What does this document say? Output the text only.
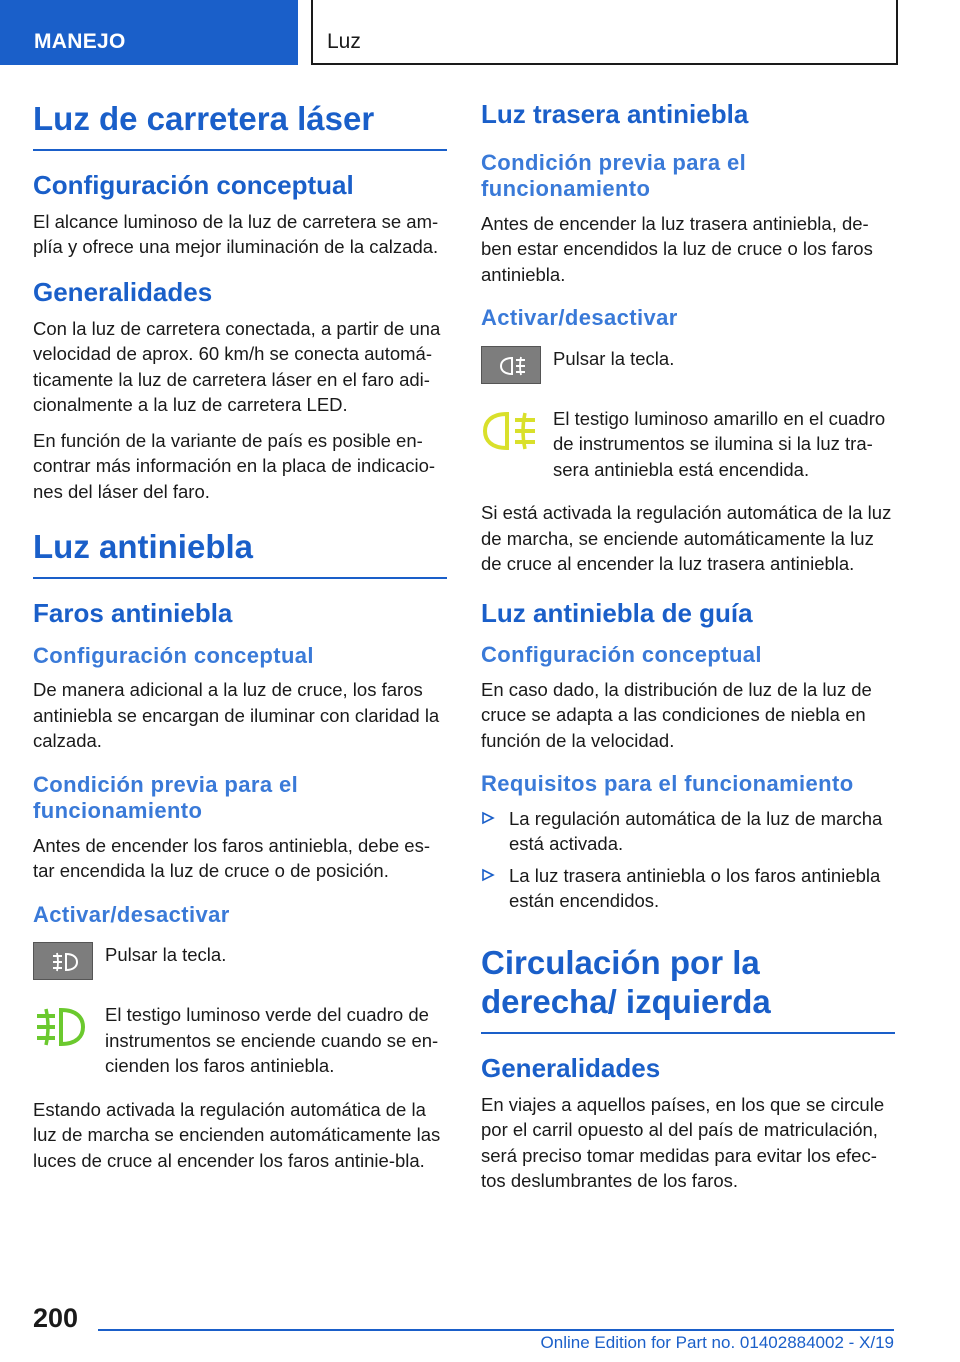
MANEJO	Luz
Luz de carretera láser
Configuración conceptual

El alcance luminoso de la luz de carretera se am-plía y ofrece una mejor iluminación de la calzada.

Generalidades

Con la luz de carretera conectada, a partir de una velocidad de aprox. 60 km/h se conecta automá-ticamente la luz de carretera láser en el faro adi-cionalmente a la luz de carretera LED.

En función de la variante de país es posible en-contrar más información en la placa de indicacio-nes del láser del faro.

Luz antiniebla
Faros antiniebla
Configuración conceptual

De manera adicional a la luz de cruce, los faros antiniebla se encargan de iluminar con claridad la calzada.

Condición previa para el funcionamiento

Antes de encender los faros antiniebla, debe es-tar encendida la luz de cruce o de posición.

Activar/desactivar

Pulsar la tecla.

El testigo luminoso verde del cuadro de instrumentos se enciende cuando se en-cienden los faros antiniebla.

Estando activada la regulación automática de la luz de marcha se encienden automáticamente las luces de cruce al encender los faros antinie-bla.

Luz trasera antiniebla
Condición previa para el funcionamiento

Antes de encender la luz trasera antiniebla, de-ben estar encendidos la luz de cruce o los faros antiniebla.

Activar/desactivar

Pulsar la tecla.

El testigo luminoso amarillo en el cuadro de instrumentos se ilumina si la luz tra-sera antiniebla está encendida.

Si está activada la regulación automática de la luz de marcha, se enciende automáticamente la luz de cruce al encender la luz trasera antiniebla.

Luz antiniebla de guía
Configuración conceptual

En caso dado, la distribución de luz de la luz de cruce se adapta a las condiciones de niebla en función de la velocidad.

Requisitos para el funcionamiento
La regulación automática de la luz de marcha está activada.
La luz trasera antiniebla o los faros antiniebla están encendidos.
Circulación por la derecha/ izquierda
Generalidades

En viajes a aquellos países, en los que se circule por el carril opuesto al del país de matriculación, será preciso tomar medidas para evitar los efec-tos deslumbrantes de los faros.

200
Online Edition for Part no. 01402884002 - X/19
